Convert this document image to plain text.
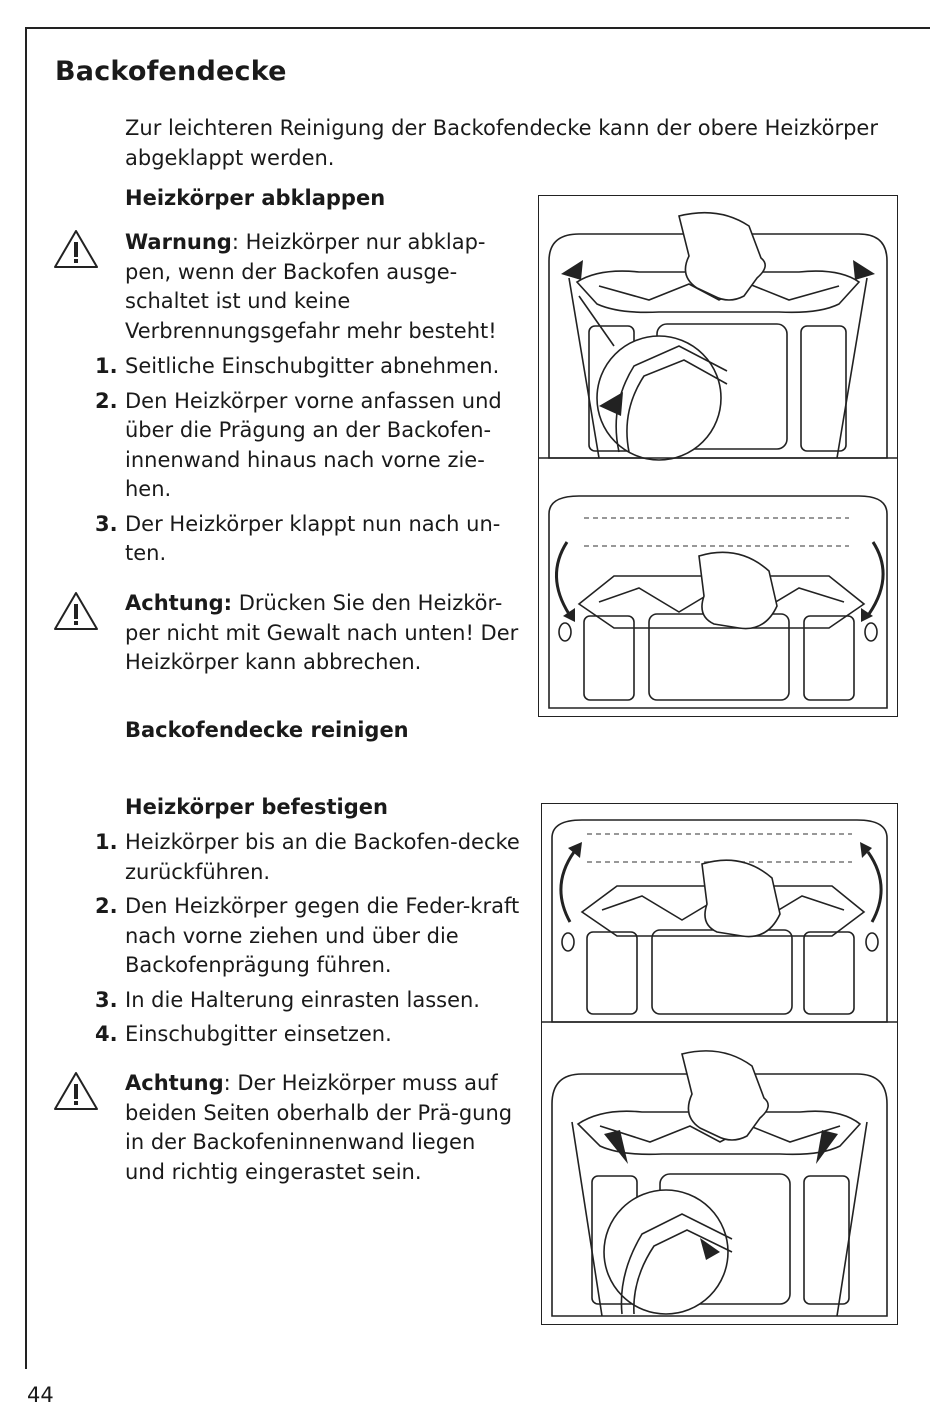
Backofendecke
Zur leichteren Reinigung der Backofendecke kann der obere Heizkörper abgeklappt werden.
Heizkörper abklappen
Warnung: Heizkörper nur abklap-pen, wenn der Backofen ausge-schaltet ist und keine Verbrennungsgefahr mehr besteht!
1. Seitliche Einschubgitter abnehmen.
2. Den Heizkörper vorne anfassen und über die Prägung an der Backofen-innenwand hinaus nach vorne zie-hen.
3. Der Heizkörper klappt nun nach un-ten.
Achtung: Drücken Sie den Heizkör-per nicht mit Gewalt nach unten! Der Heizkörper kann abbrechen.
Backofendecke reinigen
Heizkörper befestigen
1. Heizkörper bis an die Backofen-decke zurückführen.
2. Den Heizkörper gegen die Feder-kraft nach vorne ziehen und über die Backofenprägung führen.
3. In die Halterung einrasten lassen.
4. Einschubgitter einsetzen.
Achtung: Der Heizkörper muss auf beiden Seiten oberhalb der Prä-gung in der Backofeninnenwand liegen und richtig eingerastet sein.
44
